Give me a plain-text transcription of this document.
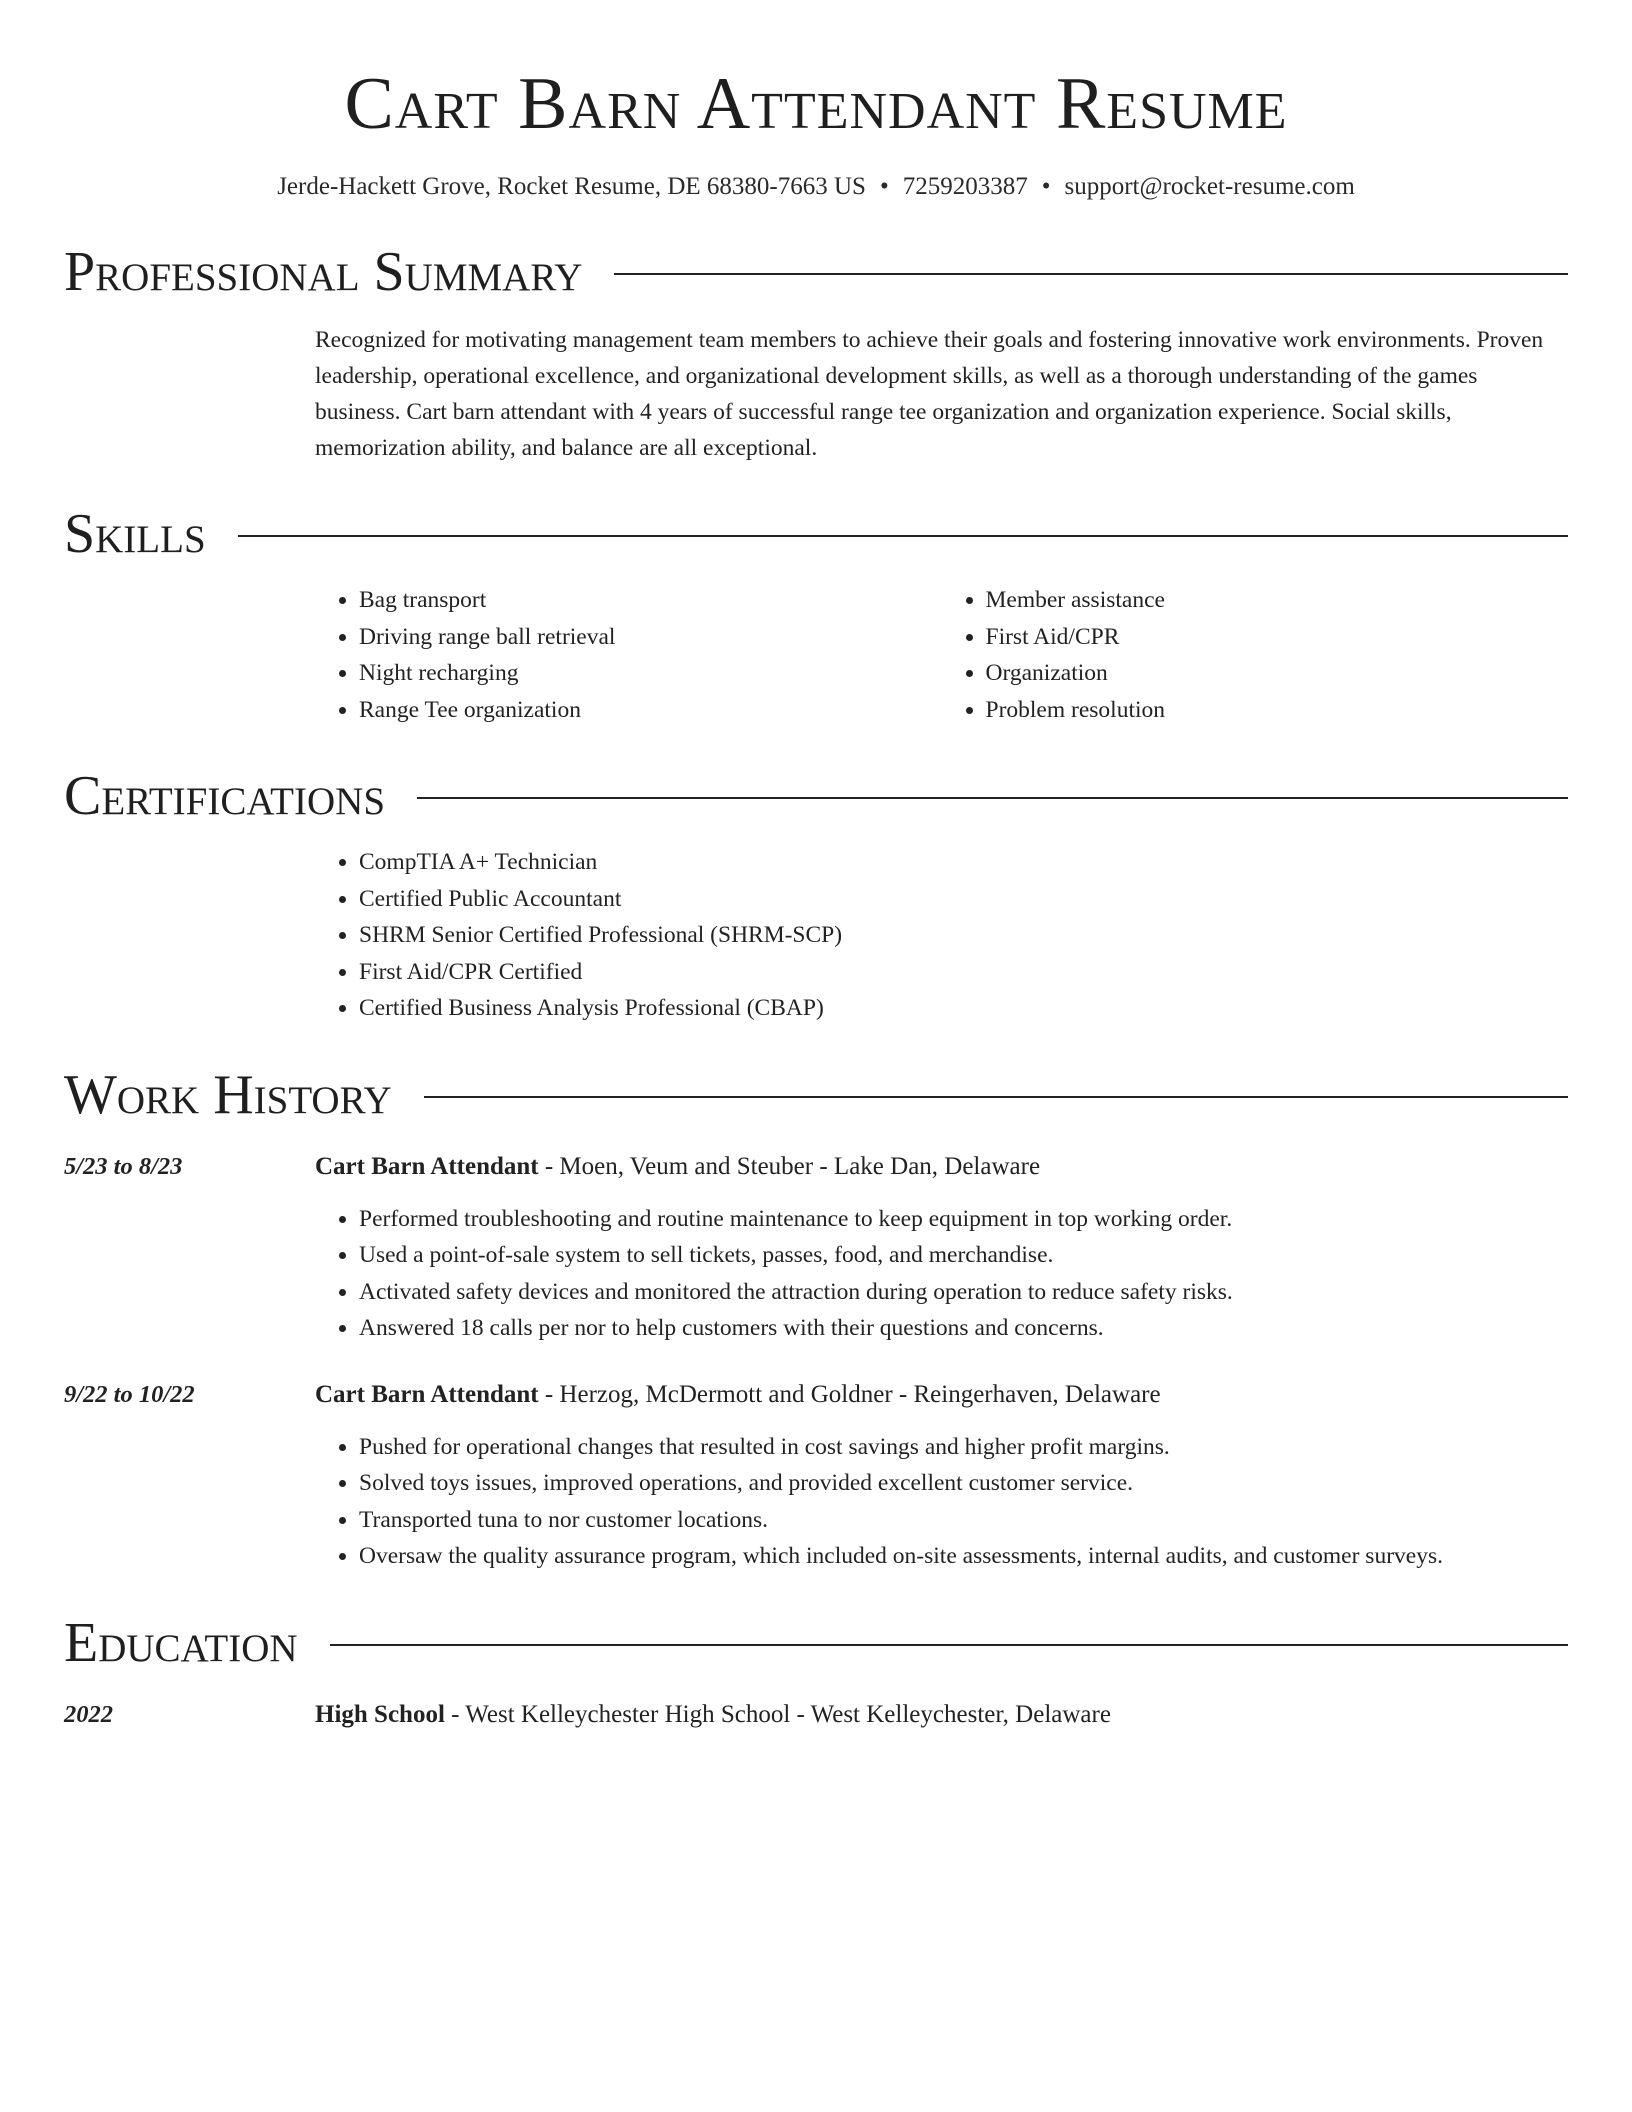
Cart Barn Attendant Resume
Jerde-Hackett Grove, Rocket Resume, DE 68380-7663 US • 7259203387 • support@rocket-resume.com
Professional Summary

Recognized for motivating management team members to achieve their goals and fostering innovative work environments. Proven leadership, operational excellence, and organizational development skills, as well as a thorough understanding of the games business. Cart barn attendant with 4 years of successful range tee organization and organization experience. Social skills, memorization ability, and balance are all exceptional.

Skills
• Bag transport
• Driving range ball retrieval
• Night recharging
• Range Tee organization
• Member assistance
• First Aid/CPR
• Organization
• Problem resolution
Certifications
• CompTIA A+ Technician
• Certified Public Accountant
• SHRM Senior Certified Professional (SHRM-SCP)
• First Aid/CPR Certified
• Certified Business Analysis Professional (CBAP)
Work History
5/23 to 8/23	Cart Barn Attendant - Moen, Veum and Steuber - Lake Dan, Delaware
• Performed troubleshooting and routine maintenance to keep equipment in top working order.
• Used a point-of-sale system to sell tickets, passes, food, and merchandise.
• Activated safety devices and monitored the attraction during operation to reduce safety risks.
• Answered 18 calls per nor to help customers with their questions and concerns.
9/22 to 10/22	Cart Barn Attendant - Herzog, McDermott and Goldner - Reingerhaven, Delaware
• Pushed for operational changes that resulted in cost savings and higher profit margins.
• Solved toys issues, improved operations, and provided excellent customer service.
• Transported tuna to nor customer locations.
• Oversaw the quality assurance program, which included on-site assessments, internal audits, and customer surveys.
Education
2022	High School - West Kelleychester High School - West Kelleychester, Delaware
